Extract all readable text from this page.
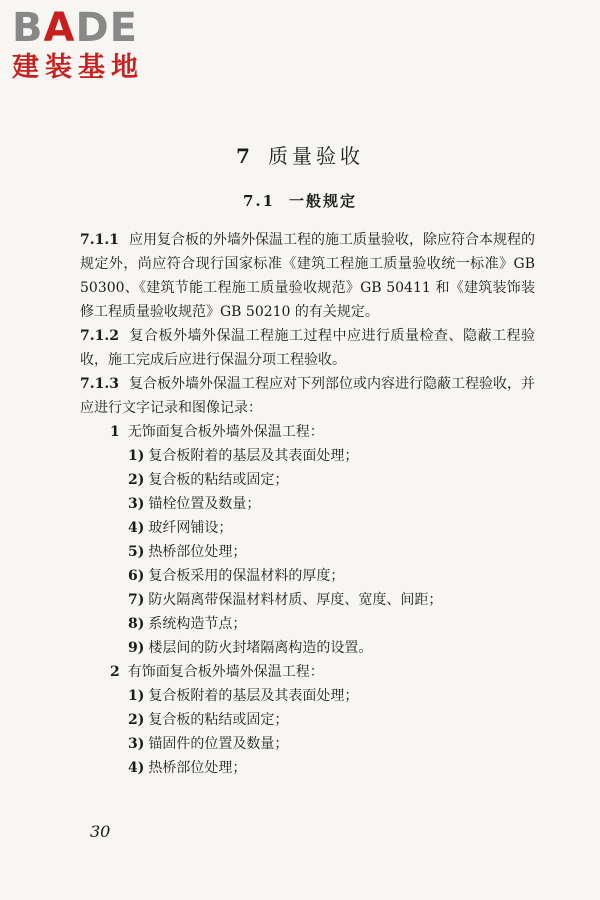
BADE
建装基地
7 质量验收
7.1 一般规定

7.1.1 应用复合板的外墙外保温工程的施工质量验收，除应符合本规程的规定外，尚应符合现行国家标准《建筑工程施工质量验收统一标准》GB 50300、《建筑节能工程施工质量验收规范》GB 50411 和《建筑装饰装修工程质量验收规范》GB 50210 的有关规定。

7.1.2 复合板外墙外保温工程施工过程中应进行质量检查、隐蔽工程验收，施工完成后应进行保温分项工程验收。

7.1.3 复合板外墙外保温工程应对下列部位或内容进行隐蔽工程验收，并应进行文字记录和图像记录：

1 无饰面复合板外墙外保温工程：
1) 复合板附着的基层及其表面处理；
2) 复合板的粘结或固定；
3) 锚栓位置及数量；
4) 玻纤网铺设；
5) 热桥部位处理；
6) 复合板采用的保温材料的厚度；
7) 防火隔离带保温材料材质、厚度、宽度、间距；
8) 系统构造节点；
9) 楼层间的防火封堵隔离构造的设置。
2 有饰面复合板外墙外保温工程：
1) 复合板附着的基层及其表面处理；
2) 复合板的粘结或固定；
3) 锚固件的位置及数量；
4) 热桥部位处理；
30
